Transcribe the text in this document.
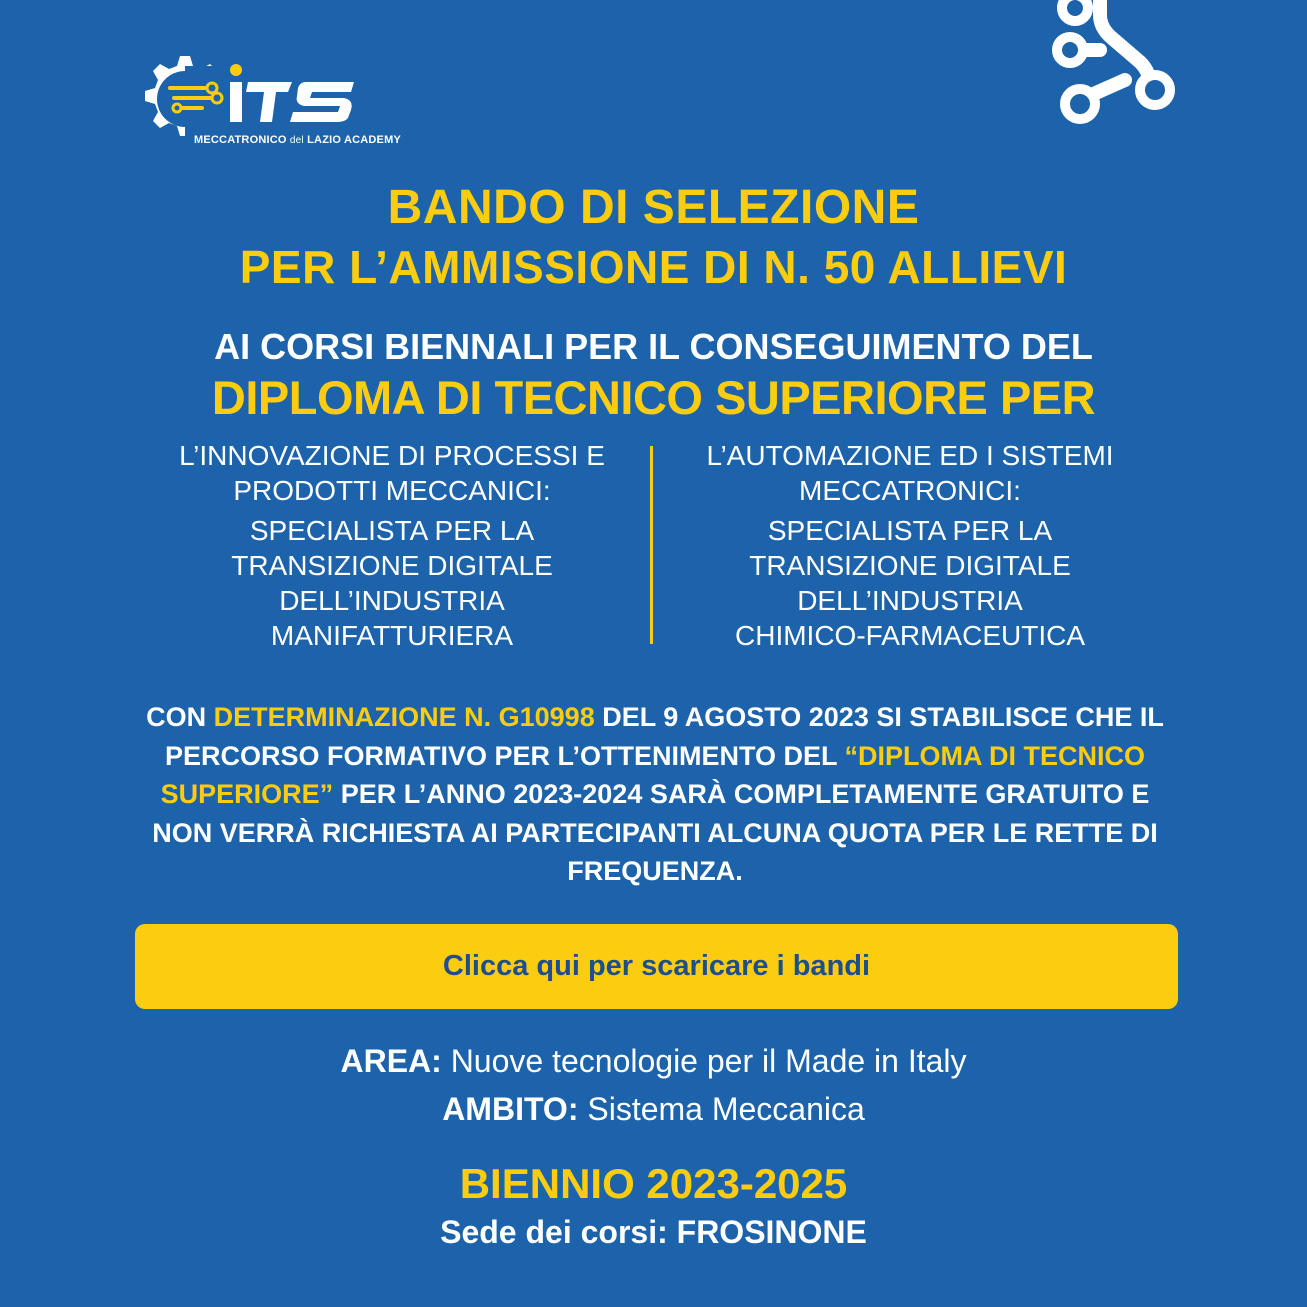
MECCATRONICO del LAZIO ACADEMY
BANDO DI SELEZIONE
PER L’AMMISSIONE DI N. 50 ALLIEVI
AI CORSI BIENNALI PER IL CONSEGUIMENTO DEL
DIPLOMA DI TECNICO SUPERIORE PER

L’INNOVAZIONE DI PROCESSI E

PRODOTTI MECCANICI:

SPECIALISTA PER LA

TRANSIZIONE DIGITALE

DELL’INDUSTRIA

MANIFATTURIERA

L’AUTOMAZIONE ED I SISTEMI

MECCATRONICI:

SPECIALISTA PER LA

TRANSIZIONE DIGITALE

DELL’INDUSTRIA

CHIMICO-FARMACEUTICA

CON DETERMINAZIONE N. G10998 DEL 9 AGOSTO 2023 SI STABILISCE CHE IL PERCORSO FORMATIVO PER L’OTTENIMENTO DEL “DIPLOMA DI TECNICO SUPERIORE” PER L’ANNO 2023-2024 SARÀ COMPLETAMENTE GRATUITO E NON VERRÀ RICHIESTA AI PARTECIPANTI ALCUNA QUOTA PER LE RETTE DI FREQUENZA.
Clicca qui per scaricare i bandi
AREA: Nuove tecnologie per il Made in Italy
AMBITO: Sistema Meccanica
BIENNIO 2023-2025
Sede dei corsi: FROSINONE
